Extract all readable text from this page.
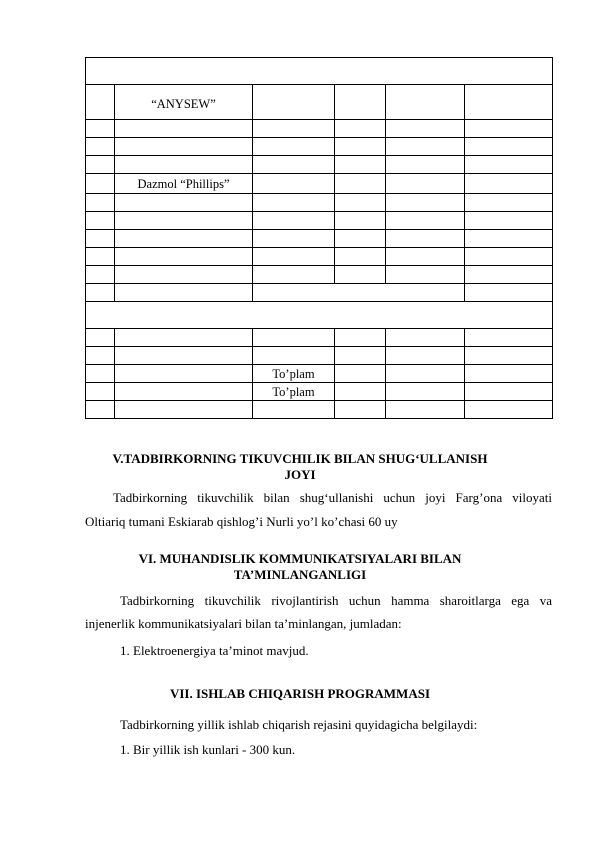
	“ANYSEW”				

	Dazmol “Phillips”				

		To’plam			
		To’plam			

V.TADBIRKORNING TIKUVCHILIK BILAN SHUG‘ULLANISH
JOYI
Tadbirkorning tikuvchilik bilan shug‘ullanishi uchun joyi Farg’ona viloyati
Oltiariq tumani Eskiarab qishlog’i Nurli yo’l ko’chasi 60 uy
VI. MUHANDISLIK KOMMUNIKATSIYALARI BILAN
TA’MINLANGANLIGI
Tadbirkorning tikuvchilik rivojlantirish uchun hamma sharoitlarga ega va
injenerlik kommunikatsiyalari bilan ta’minlangan, jumladan:
1. Elektroenergiya ta’minot mavjud.
VII. ISHLAB CHIQARISH PROGRAMMASI
Tadbirkorning yillik ishlab chiqarish rejasini quyidagicha belgilaydi:
1. Bir yillik ish kunlari - 300 kun.
